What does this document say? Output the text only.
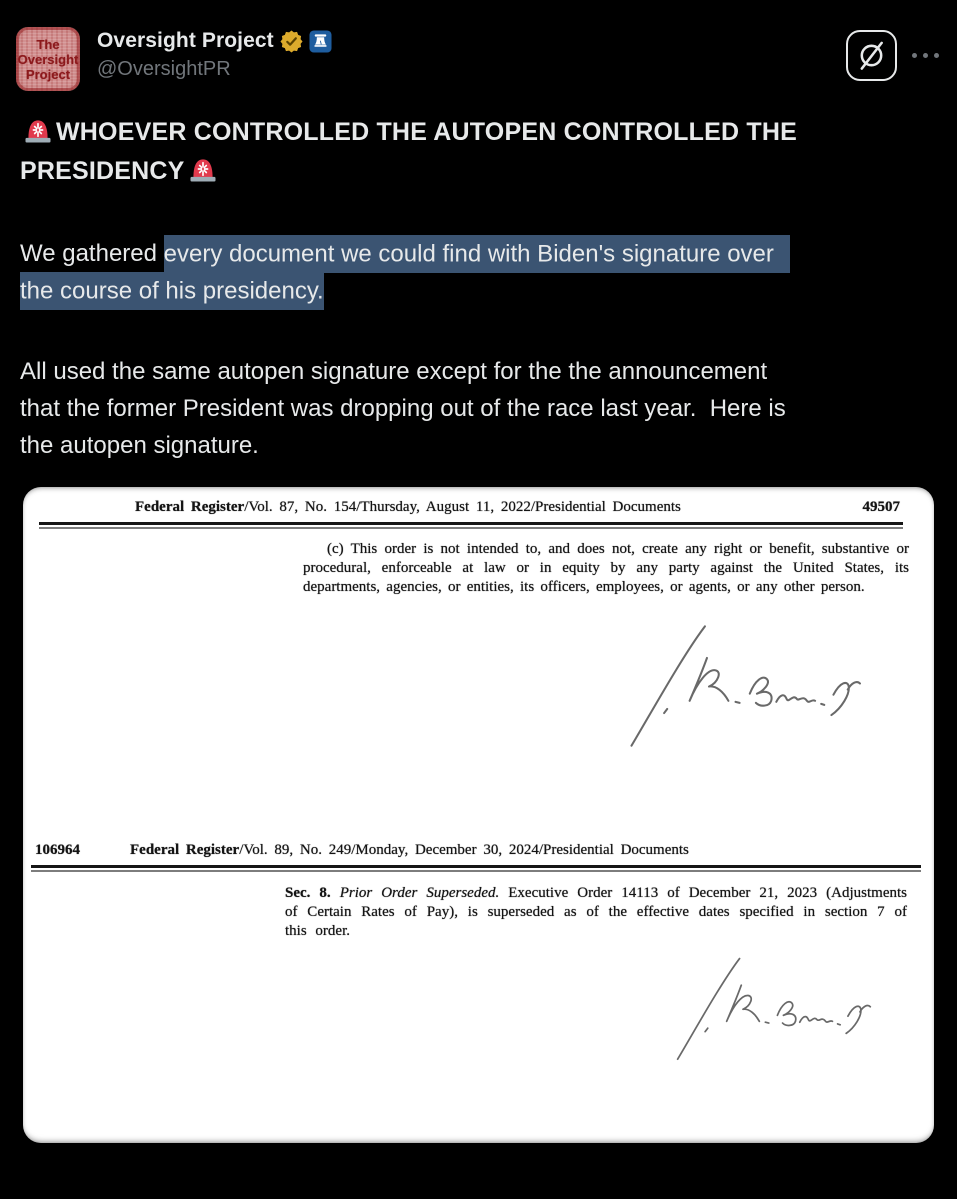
The
Oversight
Project
Oversight Project
@OversightPR

WHOEVER CONTROLLED THE AUTOPEN CONTROLLED THE
PRESIDENCY

We gathered every document we could find with Biden's signature over
the course of his presidency.

All used the same autopen signature except for the the announcement
that the former President was dropping out of the race last year.  Here is
the autopen signature.

Federal Register/Vol. 87, No. 154/Thursday, August 11, 2022/Presidential Documents	49507

(c) This order is not intended to, and does not, create any right or benefit, substantive or procedural, enforceable at law or in equity by any party against the United States, its departments, agencies, or entities, its officers, employees, or agents, or any other person.

106964	Federal Register/Vol. 89, No. 249/Monday, December 30, 2024/Presidential Documents

Sec. 8. Prior Order Superseded. Executive Order 14113 of December 21, 2023 (Adjustments of Certain Rates of Pay), is superseded as of the effective dates specified in section 7 of this order.
